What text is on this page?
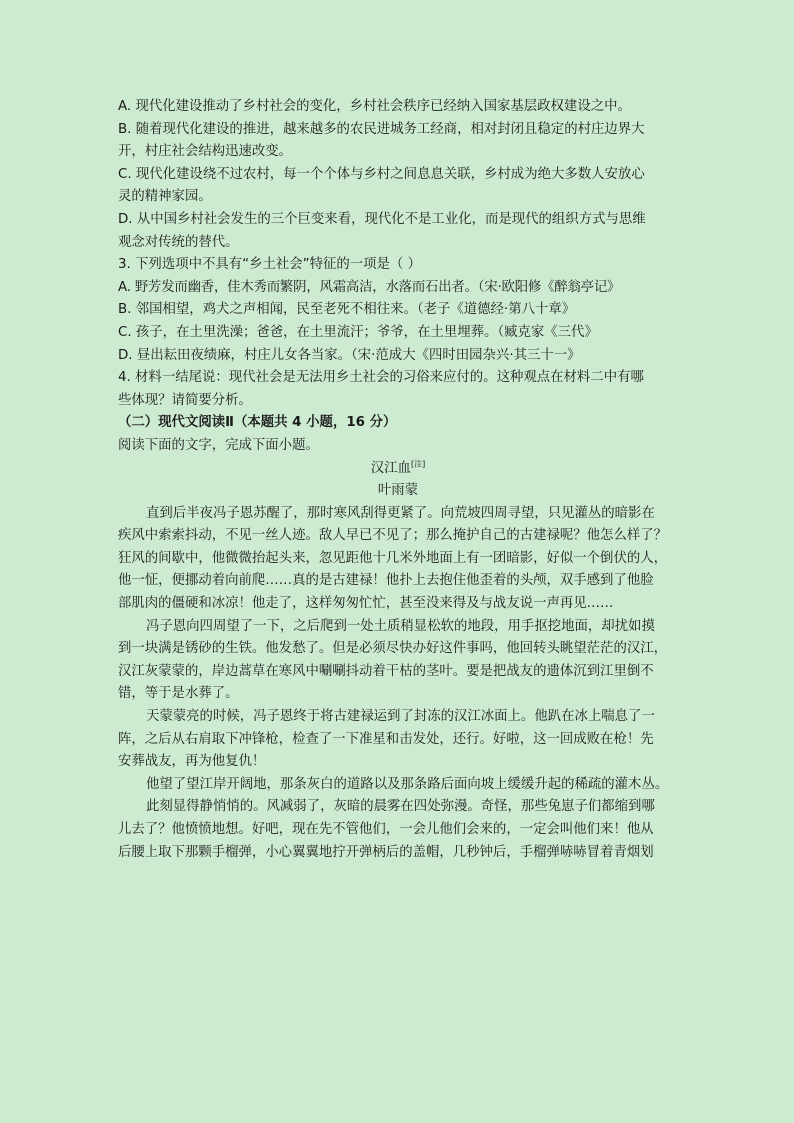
A. 现代化建设推动了乡村社会的变化，乡村社会秩序已经纳入国家基层政权建设之中。
B. 随着现代化建设的推进，越来越多的农民进城务工经商，相对封闭且稳定的村庄边界大
开，村庄社会结构迅速改变。
C. 现代化建设绕不过农村，每一个个体与乡村之间息息关联，乡村成为绝大多数人安放心
灵的精神家园。
D. 从中国乡村社会发生的三个巨变来看，现代化不是工业化，而是现代的组织方式与思维
观念对传统的替代。
3. 下列选项中不具有“乡土社会”特征的一项是（ ）
A. 野芳发而幽香，佳木秀而繁阴，风霜高洁，水落而石出者。（宋·欧阳修《醉翁亭记》
B. 邻国相望，鸡犬之声相闻，民至老死不相往来。（老子《道德经·第八十章》
C. 孩子，在土里洗澡；爸爸，在土里流汗；爷爷，在土里埋葬。（臧克家《三代》
D. 昼出耘田夜绩麻，村庄儿女各当家。（宋·范成大《四时田园杂兴·其三十一》
4. 材料一结尾说：现代社会是无法用乡土社会的习俗来应付的。这种观点在材料二中有哪
些体现？请简要分析。
（二）现代文阅读Ⅱ（本题共 4 小题，16 分）
阅读下面的文字，完成下面小题。
汉江血[注]
叶雨蒙
直到后半夜冯子恩苏醒了，那时寒风刮得更紧了。向荒坡四周寻望，只见灌丛的暗影在
疾风中索索抖动，不见一丝人迹。敌人早已不见了；那么掩护自己的古建禄呢？他怎么样了？
狂风的间歇中，他微微抬起头来，忽见距他十几米外地面上有一团暗影，好似一个倒伏的人，
他一怔，便挪动着向前爬……真的是古建禄！他扑上去抱住他歪着的头颅，双手感到了他脸
部肌肉的僵硬和冰凉！他走了，这样匆匆忙忙，甚至没来得及与战友说一声再见……
冯子恩向四周望了一下，之后爬到一处土质稍显松软的地段，用手抠挖地面，却扰如摸
到一块满是锈砂的生铁。他发愁了。但是必须尽快办好这件事吗，他回转头眺望茫茫的汉江，
汉江灰蒙蒙的，岸边蒿草在寒风中唰唰抖动着干枯的茎叶。要是把战友的遗体沉到江里倒不
错，等于是水葬了。
天蒙蒙亮的时候，冯子恩终于将古建禄运到了封冻的汉江冰面上。他趴在冰上喘息了一
阵，之后从右肩取下冲锋枪，检查了一下准星和击发处，还行。好啦，这一回成败在枪！先
安葬战友，再为他复仇！
他望了望江岸开阔地，那条灰白的道路以及那条路后面向坡上缓缓升起的稀疏的灌木丛。
此刻显得静悄悄的。风减弱了，灰暗的晨雾在四处弥漫。奇怪，那些兔崽子们都缩到哪
儿去了？他愤愤地想。好吧，现在先不管他们，一会儿他们会来的，一定会叫他们来！他从
后腰上取下那颗手榴弹，小心翼翼地拧开弹柄后的盖帽，几秒钟后，手榴弹哧哧冒着青烟划
